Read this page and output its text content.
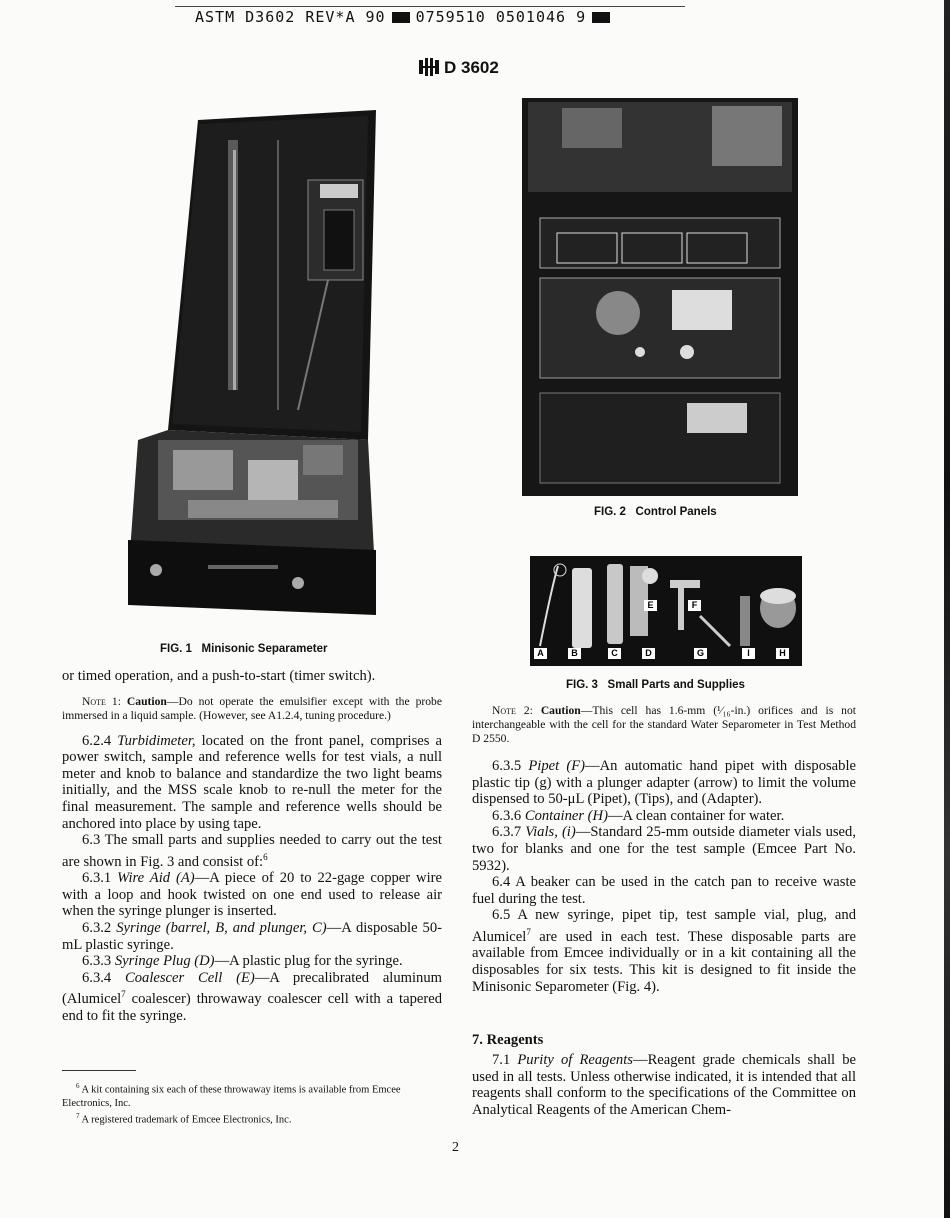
ASTM D3602 REV*A 90 0759510 0501046 9
D 3602
FIG. 1 Minisonic Separameter
FIG. 2 Control Panels
A	B	C	D
E	F
G	I	H
FIG. 3 Small Parts and Supplies

or timed operation, and a push-to-start (timer switch).

Note 1: Caution—Do not operate the emulsifier except with the probe immersed in a liquid sample. (However, see A1.2.4, tuning procedure.)

6.2.4 Turbidimeter, located on the front panel, comprises a power switch, sample and reference wells for test vials, a null meter and knob to balance and standardize the two light beams initially, and the MSS scale knob to re-null the meter for the final measurement. The sample and reference wells should be anchored into place by using tape.

6.3 The small parts and supplies needed to carry out the test are shown in Fig. 3 and consist of:$^6$

6.3.1 Wire Aid (A)—A piece of 20 to 22-gage copper wire with a loop and hook twisted on one end used to release air when the syringe plunger is inserted.

6.3.2 Syringe (barrel, B, and plunger, C)—A disposable 50-mL plastic syringe.

6.3.3 Syringe Plug (D)—A plastic plug for the syringe.

6.3.4 Coalescer Cell (E)—A precalibrated aluminum (Alumicel$^7$ coalescer) throwaway coalescer cell with a tapered end to fit the syringe.

$^6$ A kit containing six each of these throwaway items is available from Emcee Electronics, Inc.
$^7$ A registered trademark of Emcee Electronics, Inc.
Note 2: Caution—This cell has 1.6-mm (¹⁄₁₆-in.) orifices and is not interchangeable with the cell for the standard Water Separometer in Test Method D 2550.

6.3.5 Pipet (F)—An automatic hand pipet with disposable plastic tip (g) with a plunger adapter (arrow) to limit the volume dispensed to 50-μL (Pipet), (Tips), and (Adapter).

6.3.6 Container (H)—A clean container for water.

6.3.7 Vials, (i)—Standard 25-mm outside diameter vials used, two for blanks and one for the test sample (Emcee Part No. 5932).

6.4 A beaker can be used in the catch pan to receive waste fuel during the test.

6.5 A new syringe, pipet tip, test sample vial, plug, and Alumicel$^7$ are used in each test. These disposable parts are available from Emcee individually or in a kit containing all the disposables for six tests. This kit is designed to fit inside the Minisonic Separometer (Fig. 4).

7. Reagents

7.1 Purity of Reagents—Reagent grade chemicals shall be used in all tests. Unless otherwise indicated, it is intended that all reagents shall conform to the specifications of the Committee on Analytical Reagents of the American Chem-

2
